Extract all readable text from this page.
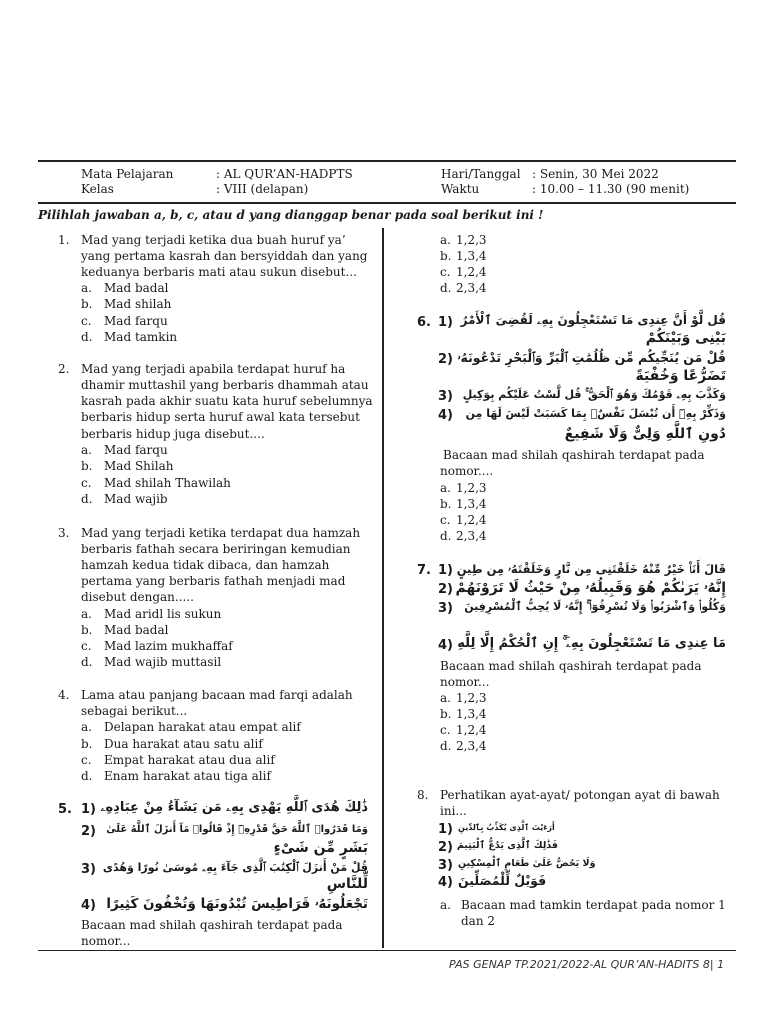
Mata Pelajaran	: AL QUR’AN-HADPTS	Hari/Tanggal : Senin, 30 Mei 2022
Kelas	: VIII (delapan)	Waktu	: 10.00 – 11.30 (90 menit)
Pilihlah jawaban a, b, c, atau d yang dianggap benar pada soal berikut ini !
1. Mad yang terjadi ketika dua buah huruf ya’
yang pertama kasrah dan bersyiddah dan yang
keduanya berbaris mati atau sukun disebut...
a. Mad badal
b. Mad shilah
c. Mad farqu
d. Mad tamkin
2. Mad yang terjadi apabila terdapat huruf ha
dhamir muttashil yang berbaris dhammah atau
kasrah pada akhir suatu kata huruf sebelumnya
berbaris hidup serta huruf awal kata tersebut
berbaris hidup juga disebut....
a. Mad farqu
b. Mad Shilah
c. Mad shilah Thawilah
d. Mad wajib
3. Mad yang terjadi ketika terdapat dua hamzah
berbaris fathah secara beriringan kemudian
hamzah kedua tidak dibaca, dan hamzah
pertama yang berbaris fathah menjadi mad
disebut dengan.....
a. Mad aridl lis sukun
b. Mad badal
c. Mad lazim mukhaffaf
d. Mad wajib muttasil
4. Lama atau panjang bacaan mad farqi adalah
sebagai berikut...
a. Delapan harakat atau empat alif
b. Dua harakat atau satu alif
c. Empat harakat atau dua alif
d. Enam harakat atau tiga alif
5. 1) ذَٰلِكَ هُدَى ٱللَّهِ يَهْدِى بِهِۦ مَن يَشَآءُ مِنْ عِبَادِهِۦ
وَمَا قَدَرُوا۟ ٱللَّهَ حَقَّ قَدْرِهِۦٓ إِذْ قَالُوا۟ مَآ أَنزَلَ ٱللَّهُ عَلَىٰ
2)
بَشَرٍ مِّن شَىْءٍ
قُلْ مَنْ أَنزَلَ ٱلْكِتَٰبَ ٱلَّذِى جَآءَ بِهِۦ مُوسَىٰ نُورًا وَهُدًى
3)
لِّلنَّاسِ
تَجْعَلُونَهُۥ قَرَاطِيسَ تُبْدُونَهَا وَتُخْفُونَ كَثِيرًا
4)
Bacaan mad shilah qashirah terdapat pada
nomor...
a. 1,2,3
b. 1,3,4
c. 1,2,4
d. 2,3,4
6. 1) قُل لَّوْ أَنَّ عِندِى مَا تَسْتَعْجِلُونَ بِهِۦ لَقُضِىَ ٱلْأَمْرُ
بَيْنِى وَبَيْنَكُمْ
2) قُلْ مَن يُنَجِّيكُم مِّن ظُلُمَٰتِ ٱلْبَرِّ وَٱلْبَحْرِ تَدْعُونَهُۥ
تَضَرُّعًا وَخُفْيَةً
3) وَكَذَّبَ بِهِۦ قَوْمُكَ وَهُوَ ٱلْحَقُّ ۚ قُل لَّسْتُ عَلَيْكُم بِوَكِيلٍ
4)	وَذَكِّرْ بِهِۦٓ أَن تُبْسَلَ نَفْسٌۢ بِمَا كَسَبَتْ لَيْسَ لَهَا مِن
دُونِ ٱللَّهِ وَلِىٌّ وَلَا شَفِيعٌ
Bacaan mad shilah qashirah terdapat pada
nomor....
a. 1,2,3
b. 1,3,4
c. 1,2,4
d. 2,3,4
7. 1) قَالَ أَنَا۠ خَيْرٌ مِّنْهُ خَلَقْتَنِى مِن نَّارٍ وَخَلَقْتَهُۥ مِن طِينٍ
2) إِنَّهُۥ يَرَىٰكُمْ هُوَ وَقَبِيلُهُۥ مِنْ حَيْثُ لَا تَرَوْنَهُمْ
3)	وَكُلُوا۟ وَٱشْرَبُوا۟ وَلَا تُسْرِفُوٓا۟ ۚ إِنَّهُۥ لَا يُحِبُّ ٱلْمُسْرِفِينَ
4) مَا عِندِى مَا تَسْتَعْجِلُونَ بِهِۦٓ ۚ إِنِ ٱلْحُكْمُ إِلَّا لِلَّهِ
Bacaan mad shilah qashirah terdapat pada
nomor...
a. 1,2,3
b. 1,3,4
c. 1,2,4
d. 2,3,4
8. Perhatikan ayat-ayat/ potongan ayat di bawah
ini...
1) أَرَءَيْتَ ٱلَّذِى يُكَذِّبُ بِٱلدِّينِ
2) فَذَٰلِكَ ٱلَّذِى يَدُعُّ ٱلْيَتِيمَ
3) وَلَا يَحُضُّ عَلَىٰ طَعَامِ ٱلْمِسْكِينِ
4) فَوَيْلٌ لِّلْمُصَلِّينَ
a. Bacaan mad tamkin terdapat pada nomor 1
dan 2
PAS GENAP TP.2021/2022-AL QUR’AN-HADITS 8| 1
